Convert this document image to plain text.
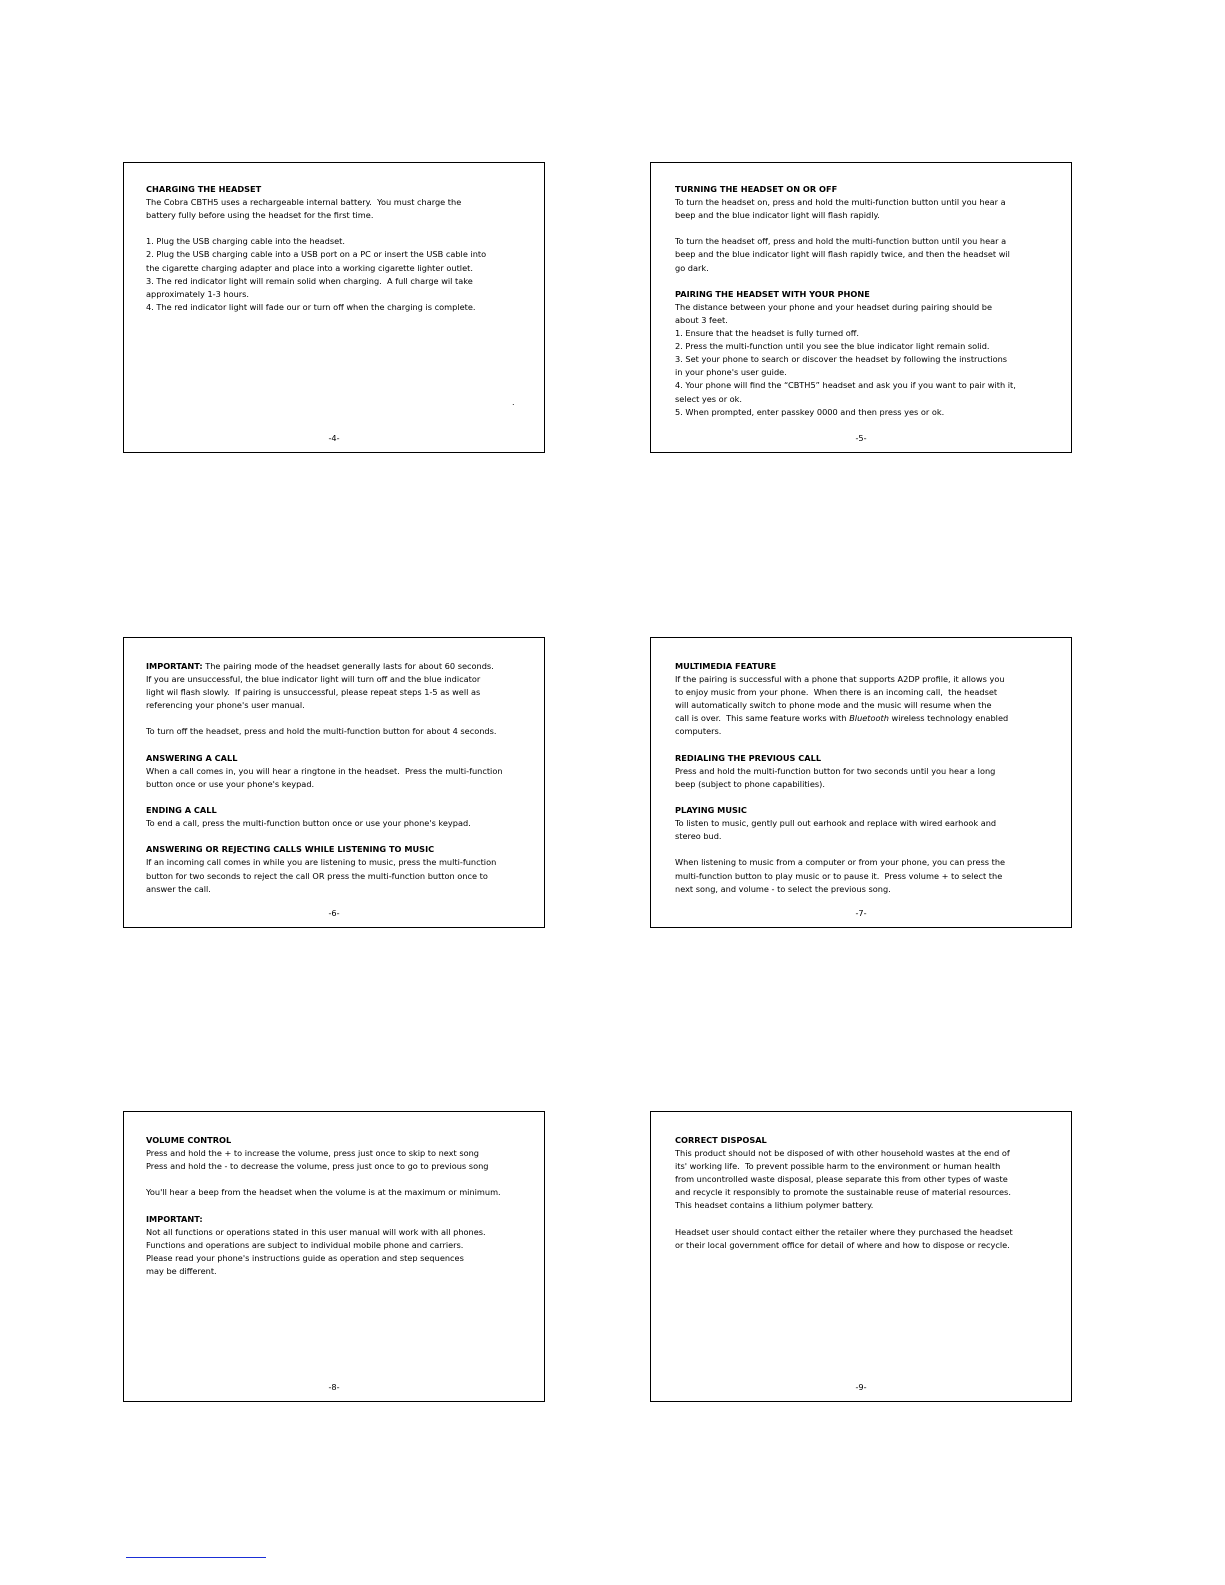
CHARGING THE HEADSET
The Cobra CBTH5 uses a rechargeable internal battery.  You must charge the
battery fully before using the headset for the first time.
1. Plug the USB charging cable into the headset.
2. Plug the USB charging cable into a USB port on a PC or insert the USB cable into
the cigarette charging adapter and place into a working cigarette lighter outlet.
3. The red indicator light will remain solid when charging.  A full charge wil take
approximately 1-3 hours.
4. The red indicator light will fade our or turn off when the charging is complete.
.
-4-
TURNING THE HEADSET ON OR OFF
To turn the headset on, press and hold the multi-function button until you hear a
beep and the blue indicator light will flash rapidly.
To turn the headset off, press and hold the multi-function button until you hear a
beep and the blue indicator light will flash rapidly twice, and then the headset wil
go dark.
PAIRING THE HEADSET WITH YOUR PHONE
The distance between your phone and your headset during pairing should be
about 3 feet.
1. Ensure that the headset is fully turned off.
2. Press the multi-function until you see the blue indicator light remain solid.
3. Set your phone to search or discover the headset by following the instructions
in your phone's user guide.
4. Your phone will find the “CBTH5” headset and ask you if you want to pair with it,
select yes or ok.
5. When prompted, enter passkey 0000 and then press yes or ok.
-5-
IMPORTANT: The pairing mode of the headset generally lasts for about 60 seconds.
If you are unsuccessful, the blue indicator light will turn off and the blue indicator
light wil flash slowly.  If pairing is unsuccessful, please repeat steps 1-5 as well as
referencing your phone's user manual.
To turn off the headset, press and hold the multi-function button for about 4 seconds.
ANSWERING A CALL
When a call comes in, you will hear a ringtone in the headset.  Press the multi-function
button once or use your phone's keypad.
ENDING A CALL
To end a call, press the multi-function button once or use your phone's keypad.
ANSWERING OR REJECTING CALLS WHILE LISTENING TO MUSIC
If an incoming call comes in while you are listening to music, press the multi-function
button for two seconds to reject the call OR press the multi-function button once to
answer the call.
-6-
MULTIMEDIA FEATURE
If the pairing is successful with a phone that supports A2DP profile, it allows you
to enjoy music from your phone.  When there is an incoming call,  the headset
will automatically switch to phone mode and the music will resume when the
call is over.  This same feature works with Bluetooth wireless technology enabled
computers.
REDIALING THE PREVIOUS CALL
Press and hold the multi-function button for two seconds until you hear a long
beep (subject to phone capabilities).
PLAYING MUSIC
To listen to music, gently pull out earhook and replace with wired earhook and
stereo bud.
When listening to music from a computer or from your phone, you can press the
multi-function button to play music or to pause it.  Press volume + to select the
next song, and volume - to select the previous song.
-7-
VOLUME CONTROL
Press and hold the + to increase the volume, press just once to skip to next song
Press and hold the - to decrease the volume, press just once to go to previous song
You'll hear a beep from the headset when the volume is at the maximum or minimum.
IMPORTANT:
Not all functions or operations stated in this user manual will work with all phones.
Functions and operations are subject to individual mobile phone and carriers.
Please read your phone's instructions guide as operation and step sequences
may be different.
-8-
CORRECT DISPOSAL
This product should not be disposed of with other household wastes at the end of
its' working life.  To prevent possible harm to the environment or human health
from uncontrolled waste disposal, please separate this from other types of waste
and recycle it responsibly to promote the sustainable reuse of material resources.
This headset contains a lithium polymer battery.
Headset user should contact either the retailer where they purchased the headset
or their local government office for detail of where and how to dispose or recycle.
-9-
